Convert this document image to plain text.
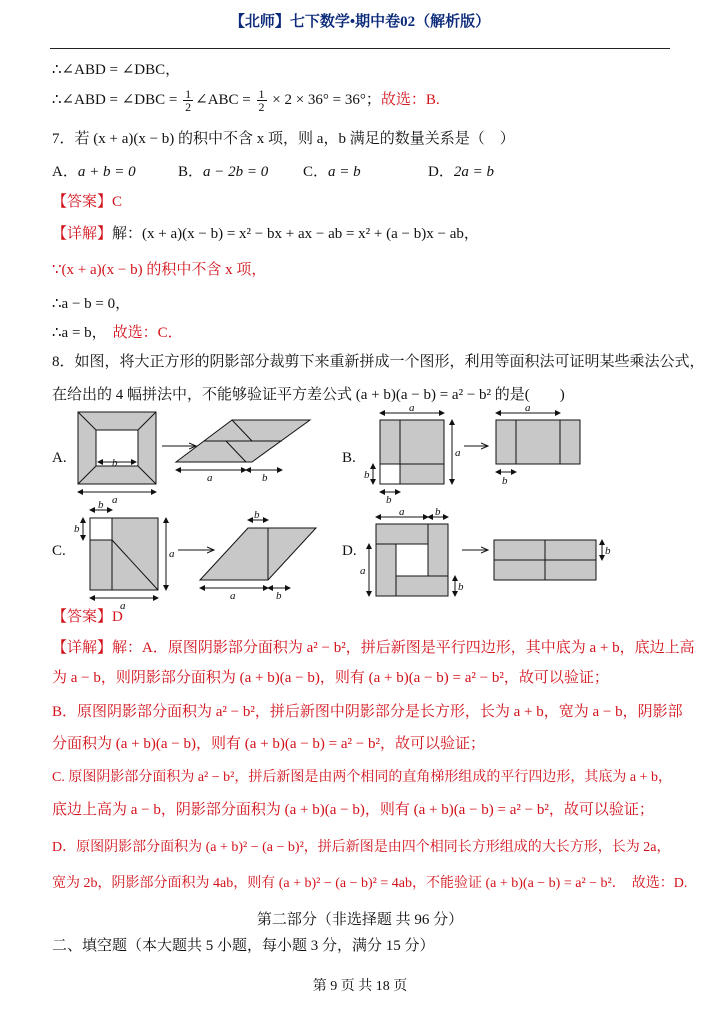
【北师】七下数学•期中卷02（解析版）
∴∠ABD = ∠DBC，
∴∠ABD = ∠DBC = $\frac{1}{2}$ ∠ABC = $\frac{1}{2} \times 2 \times 36^\circ = 36^\circ$；故选：B.
7．若 (x + a)(x − b) 的积中不含 x 项，则 a，b 满足的数量关系是（　）
A．a + b = 0	B．a − 2b = 0 C．a = b	D．2a = b
【答案】C
【详解】解：(x + a)(x − b) = x² − bx + ax − ab = x² + (a − b)x − ab，
∵(x + a)(x − b) 的积中不含 x 项，
∴a − b = 0，
∴a = b， 故选：C．
8．如图，将大正方形的阴影部分裁剪下来重新拼成一个图形，利用等面积法可证明某些乘法公式，
在给出的 4 幅拼法中，不能够验证平方差公式 (a + b)(a − b) = a² − b² 的是(　　)
A.	B.
C.	D.
b
a
a	b
a
a
b
b
a
b
b
b
a
a
b
a	b
a	b
a
b
b
【答案】D
【详解】解：A．原图阴影部分面积为 a² − b²，拼后新图是平行四边形，其中底为 a + b，底边上高
为 a − b，则阴影部分面积为 (a + b)(a − b)，则有 (a + b)(a − b) = a² − b²，故可以验证；
B．原图阴影部分面积为 a² − b²，拼后新图中阴影部分是长方形，长为 a + b，宽为 a − b，阴影部
分面积为 (a + b)(a − b)，则有 (a + b)(a − b) = a² − b²，故可以验证；
C. 原图阴影部分面积为 a² − b²，拼后新图是由两个相同的直角梯形组成的平行四边形，其底为 a + b，
底边上高为 a − b，阴影部分面积为 (a + b)(a − b)，则有 (a + b)(a − b) = a² − b²，故可以验证；
D．原图阴影部分面积为 (a + b)² − (a − b)²，拼后新图是由四个相同长方形组成的大长方形，长为 2a，
宽为 2b，阴影部分面积为 4ab，则有 (a + b)² − (a − b)² = 4ab，不能验证 (a + b)(a − b) = a² − b²． 故选：D.
第二部分（非选择题 共 96 分）
二、填空题（本大题共 5 小题，每小题 3 分，满分 15 分）
第 9 页 共 18 页
